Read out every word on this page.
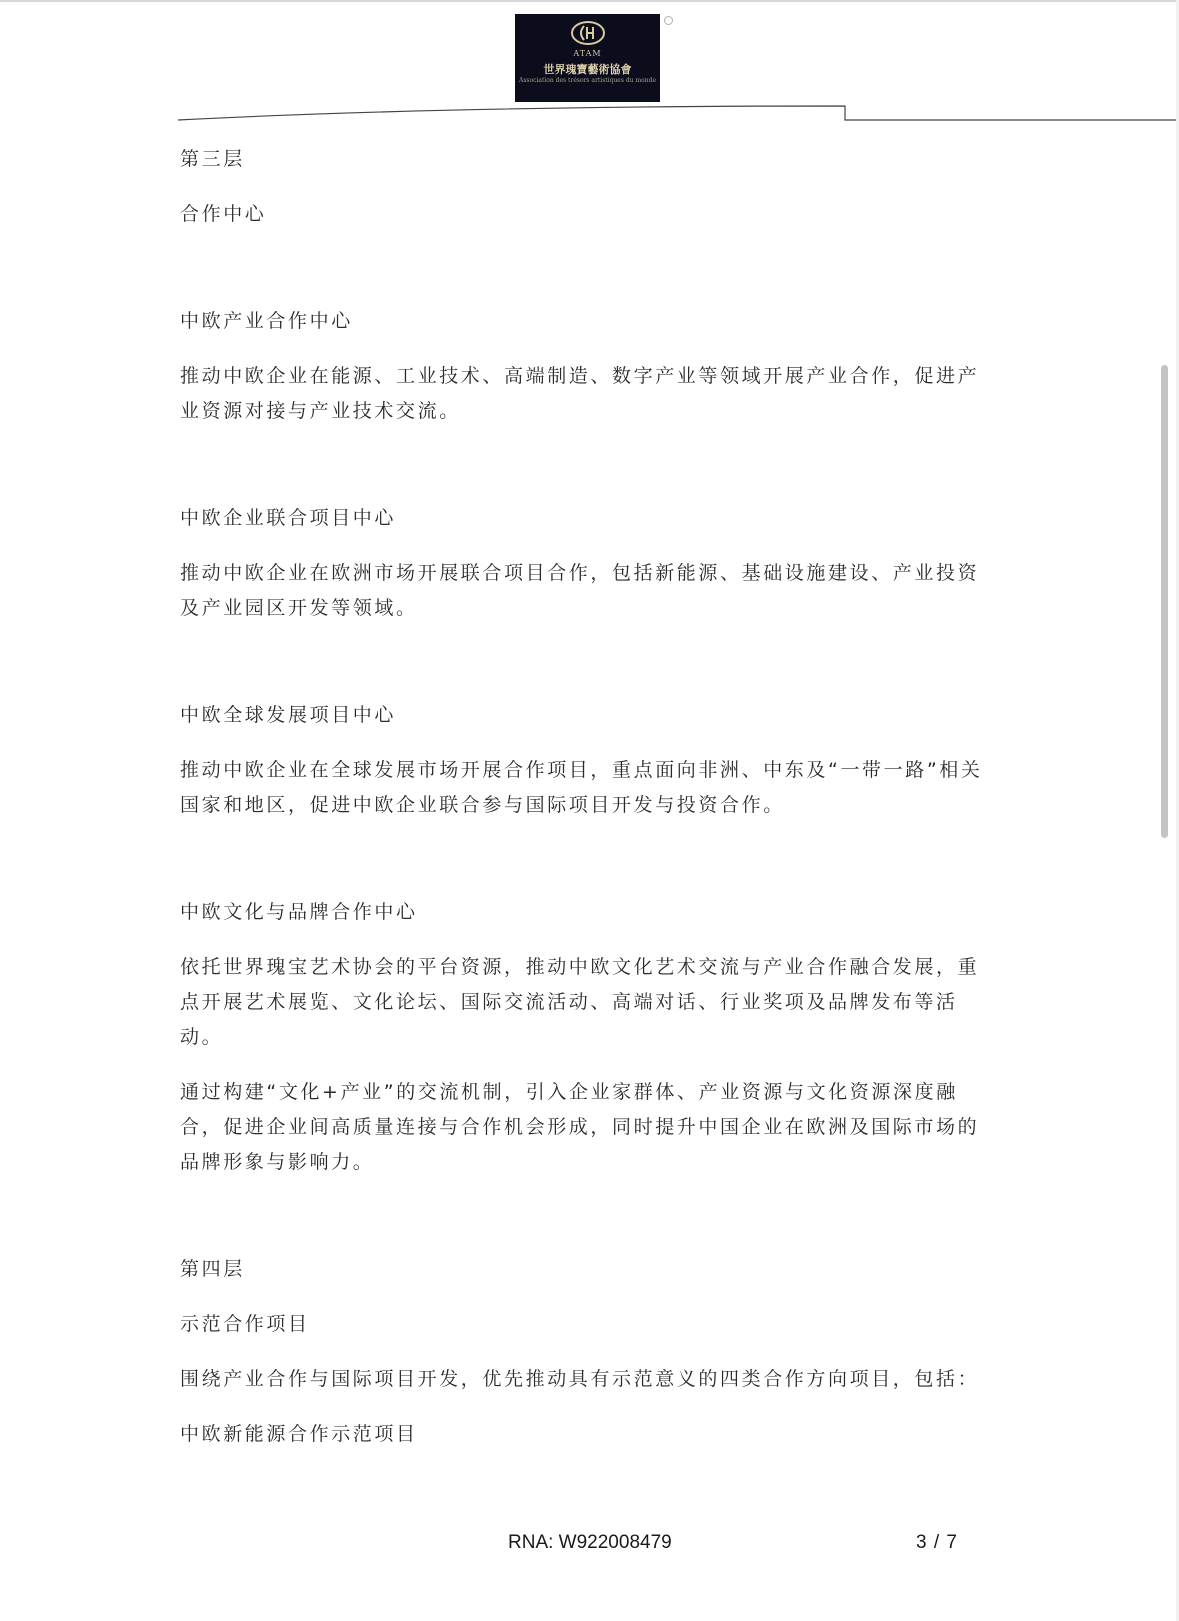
ATAM
世界瑰寶藝術協會
Association des trésors artistiques du monde
第三层
合作中心
中欧产业合作中心

推动中欧企业在能源、工业技术、高端制造、数字产业等领域开展产业合作，促进产业资源对接与产业技术交流。

中欧企业联合项目中心

推动中欧企业在欧洲市场开展联合项目合作，包括新能源、基础设施建设、产业投资及产业园区开发等领域。

中欧全球发展项目中心

推动中欧企业在全球发展市场开展合作项目，重点面向非洲、中东及“一带一路”相关国家和地区，促进中欧企业联合参与国际项目开发与投资合作。

中欧文化与品牌合作中心

依托世界瑰宝艺术协会的平台资源，推动中欧文化艺术交流与产业合作融合发展，重点开展艺术展览、文化论坛、国际交流活动、高端对话、行业奖项及品牌发布等活动。

通过构建“文化+产业”的交流机制，引入企业家群体、产业资源与文化资源深度融合，促进企业间高质量连接与合作机会形成，同时提升中国企业在欧洲及国际市场的品牌形象与影响力。

第四层
示范合作项目

围绕产业合作与国际项目开发，优先推动具有示范意义的四类合作方向项目，包括：

中欧新能源合作示范项目

RNA: W922008479	3 / 7
